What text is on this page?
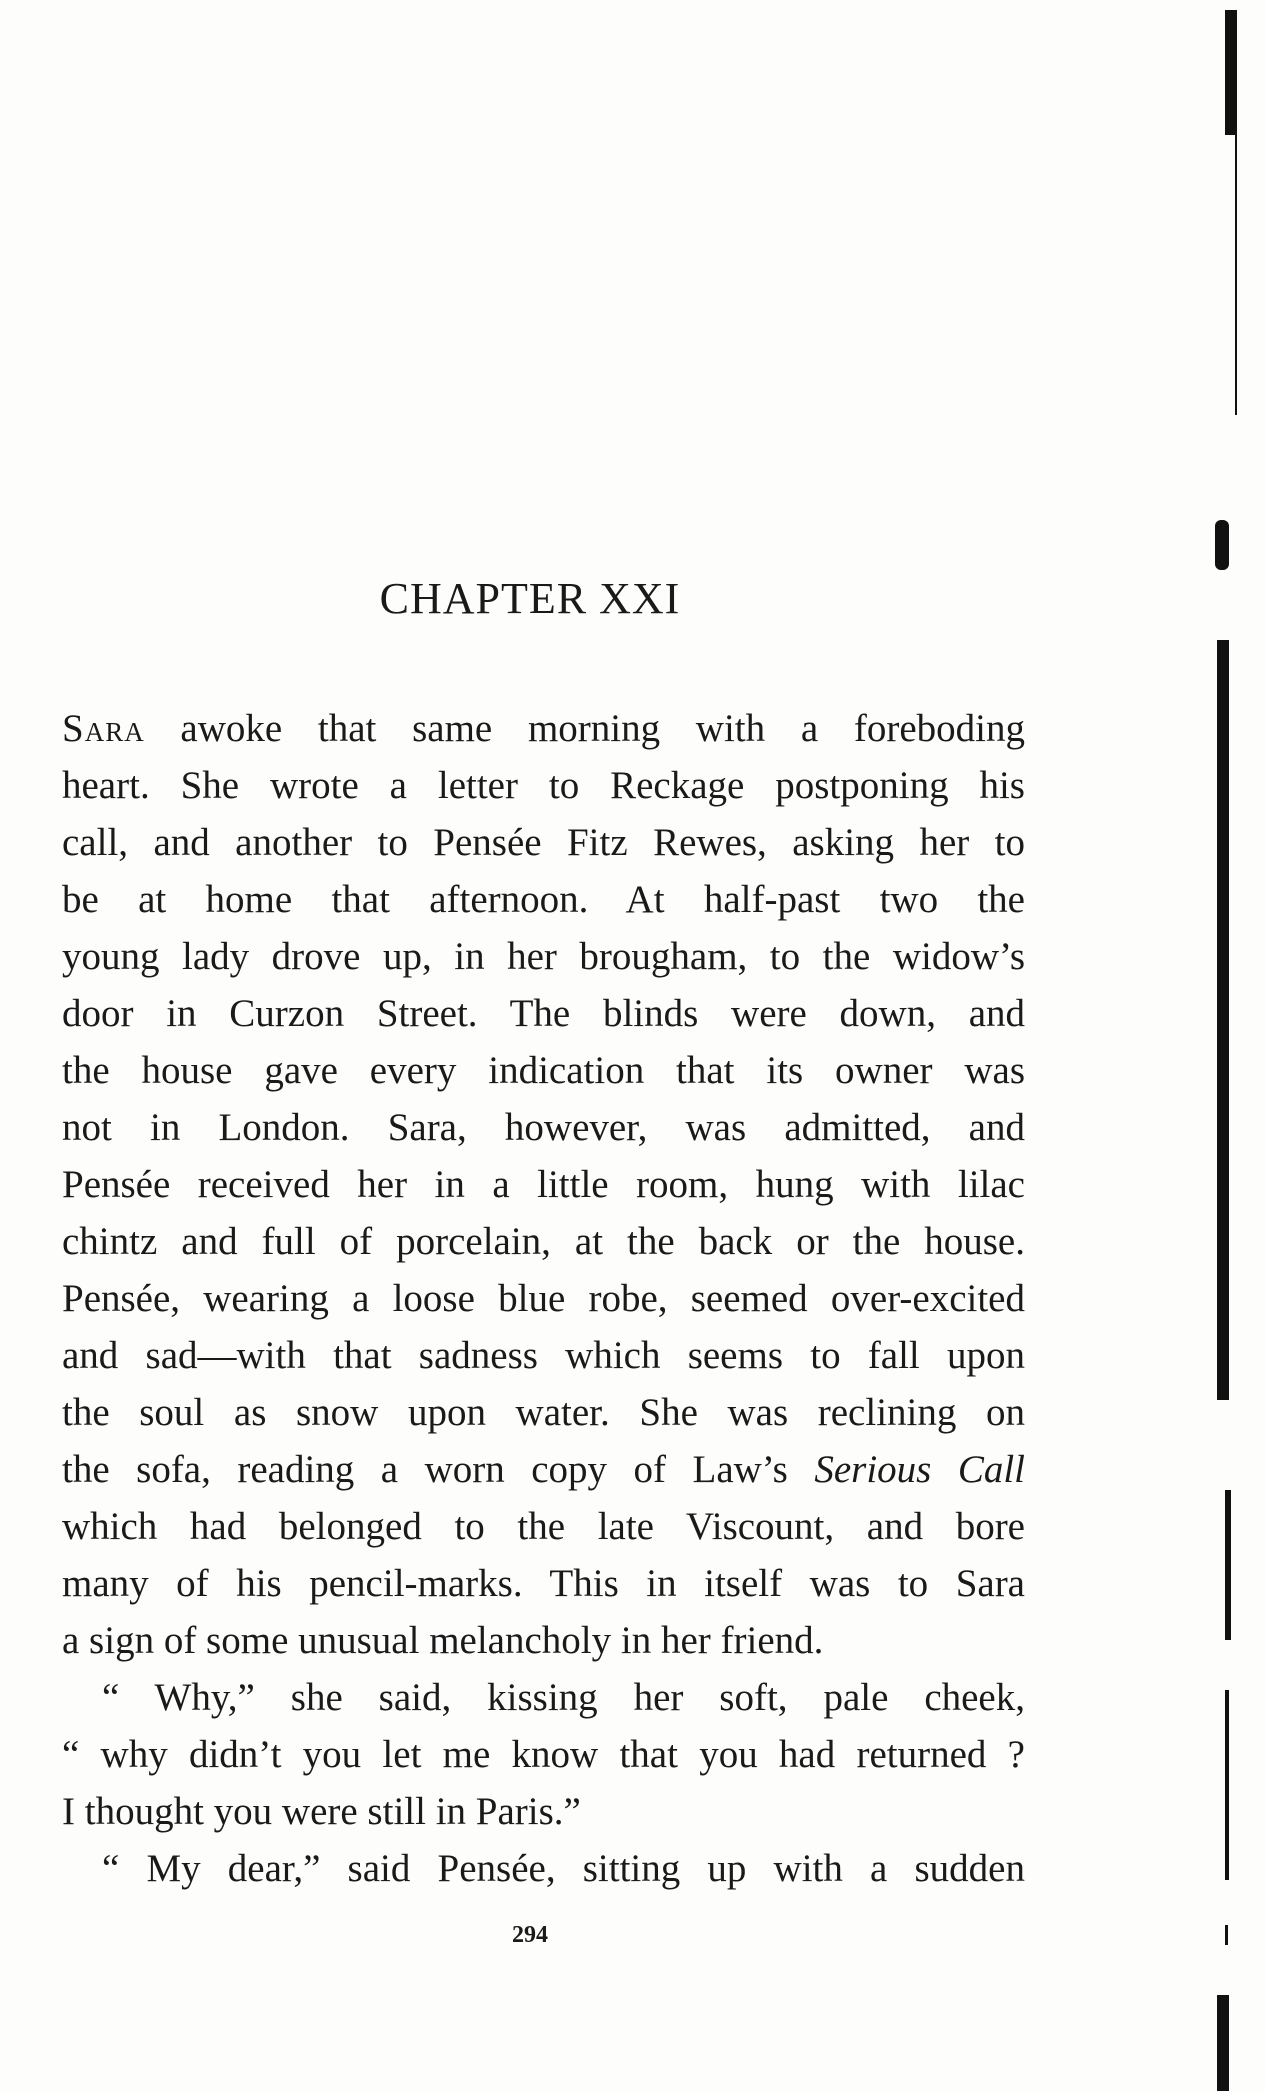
CHAPTER XXI
Sara awoke that same morning with a foreboding
heart. She wrote a letter to Reckage postponing his
call, and another to Pensée Fitz Rewes, asking her to
be at home that afternoon. At half-past two the
young lady drove up, in her brougham, to the widow’s
door in Curzon Street. The blinds were down, and
the house gave every indication that its owner was
not in London. Sara, however, was admitted, and
Pensée received her in a little room, hung with lilac
chintz and full of porcelain, at the back or the house.
Pensée, wearing a loose blue robe, seemed over-excited
and sad—with that sadness which seems to fall upon
the soul as snow upon water. She was reclining on
the sofa, reading a worn copy of Law’s Serious Call
which had belonged to the late Viscount, and bore
many of his pencil-marks. This in itself was to Sara
a sign of some unusual melancholy in her friend.
“ Why,” she said, kissing her soft, pale cheek,
“ why didn’t you let me know that you had returned ?
I thought you were still in Paris.”
“ My dear,” said Pensée, sitting up with a sudden
294
